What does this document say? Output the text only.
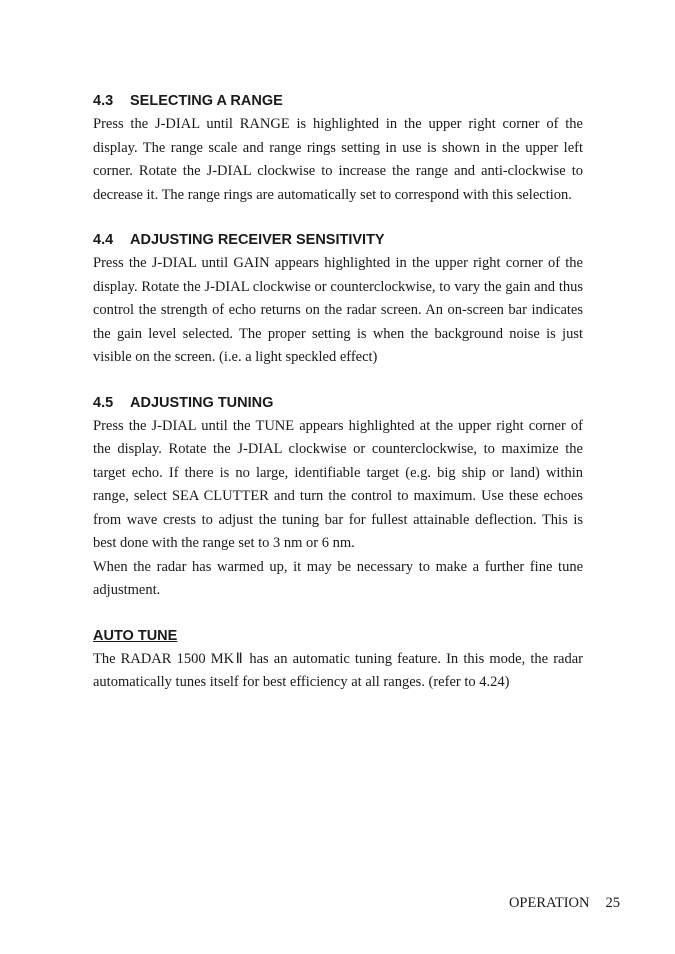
4.3	SELECTING A RANGE

Press the J-DIAL until RANGE is highlighted in the upper right corner of the display. The range scale and range rings setting in use is shown in the upper left corner. Rotate the J-DIAL clockwise to increase the range and anti-clockwise to decrease it. The range rings are automatically set to correspond with this selection.

4.4	ADJUSTING RECEIVER SENSITIVITY

Press the J-DIAL until GAIN appears highlighted in the upper right corner of the display. Rotate the J-DIAL clockwise or counterclockwise, to vary the gain and thus control the strength of echo returns on the radar screen. An on-screen bar indicates the gain level selected. The proper setting is when the background noise is just visible on the screen. (i.e. a light speckled effect)

4.5	ADJUSTING TUNING

Press the J-DIAL until the TUNE appears highlighted at the upper right corner of the display. Rotate the J-DIAL clockwise or counterclockwise, to maximize the target echo. If there is no large, identifiable target (e.g. big ship or land) within range, select SEA CLUTTER and turn the control to maximum. Use these echoes from wave crests to adjust the tuning bar for fullest attainable deflection. This is best done with the range set to 3 nm or 6 nm.

When the radar has warmed up, it may be necessary to make a further fine tune adjustment.

AUTO TUNE

The RADAR 1500 MKⅡ has an automatic tuning feature. In this mode, the radar automatically tunes itself for best efficiency at all ranges. (refer to 4.24)

OPERATION 25
